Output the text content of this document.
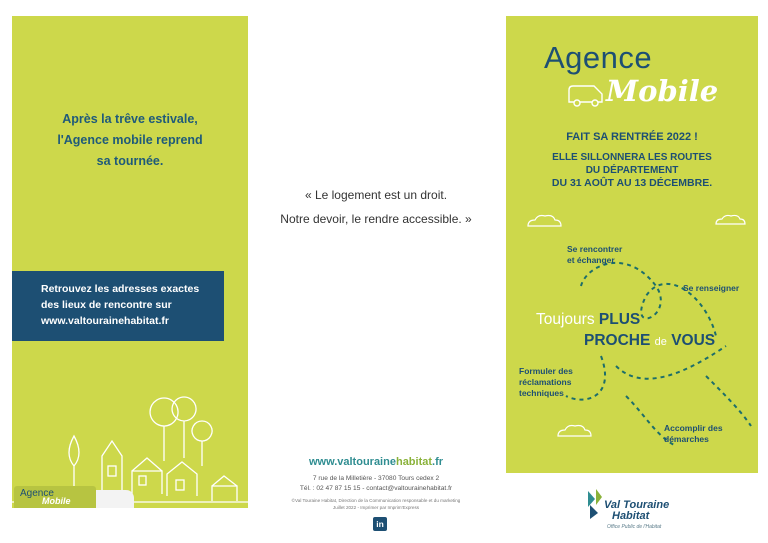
Après la trêve estivale,
l'Agence mobile reprend
sa tournée.
Retrouvez les adresses exactes
des lieux de rencontre sur
www.valtourainehabitat.fr
Agence
Mobile
« Le logement est un droit.
Notre devoir, le rendre accessible. »
www.valtourainehabitat.fr
7 rue de la Milletière - 37080 Tours cedex 2
Tél. : 02 47 87 15 15 - contact@valtourainehabitat.fr
©Val Touraine Habitat, Direction de la Communication responsable et du marketing
Juillet 2022 - Imprimer par Imprim'Express
in
Agence
Mobile
FAIT SA RENTRÉE 2022 !
ELLE SILLONNERA LES ROUTES
DU DÉPARTEMENT
DU 31 AOÛT AU 13 DÉCEMBRE.
Se rencontrer
et échanger
Se renseigner
Toujours PLUS
PROCHE de VOUS
Formuler des
réclamations
techniques
Accomplir des
démarches
Val Touraine
Habitat
Office Public de l'Habitat
